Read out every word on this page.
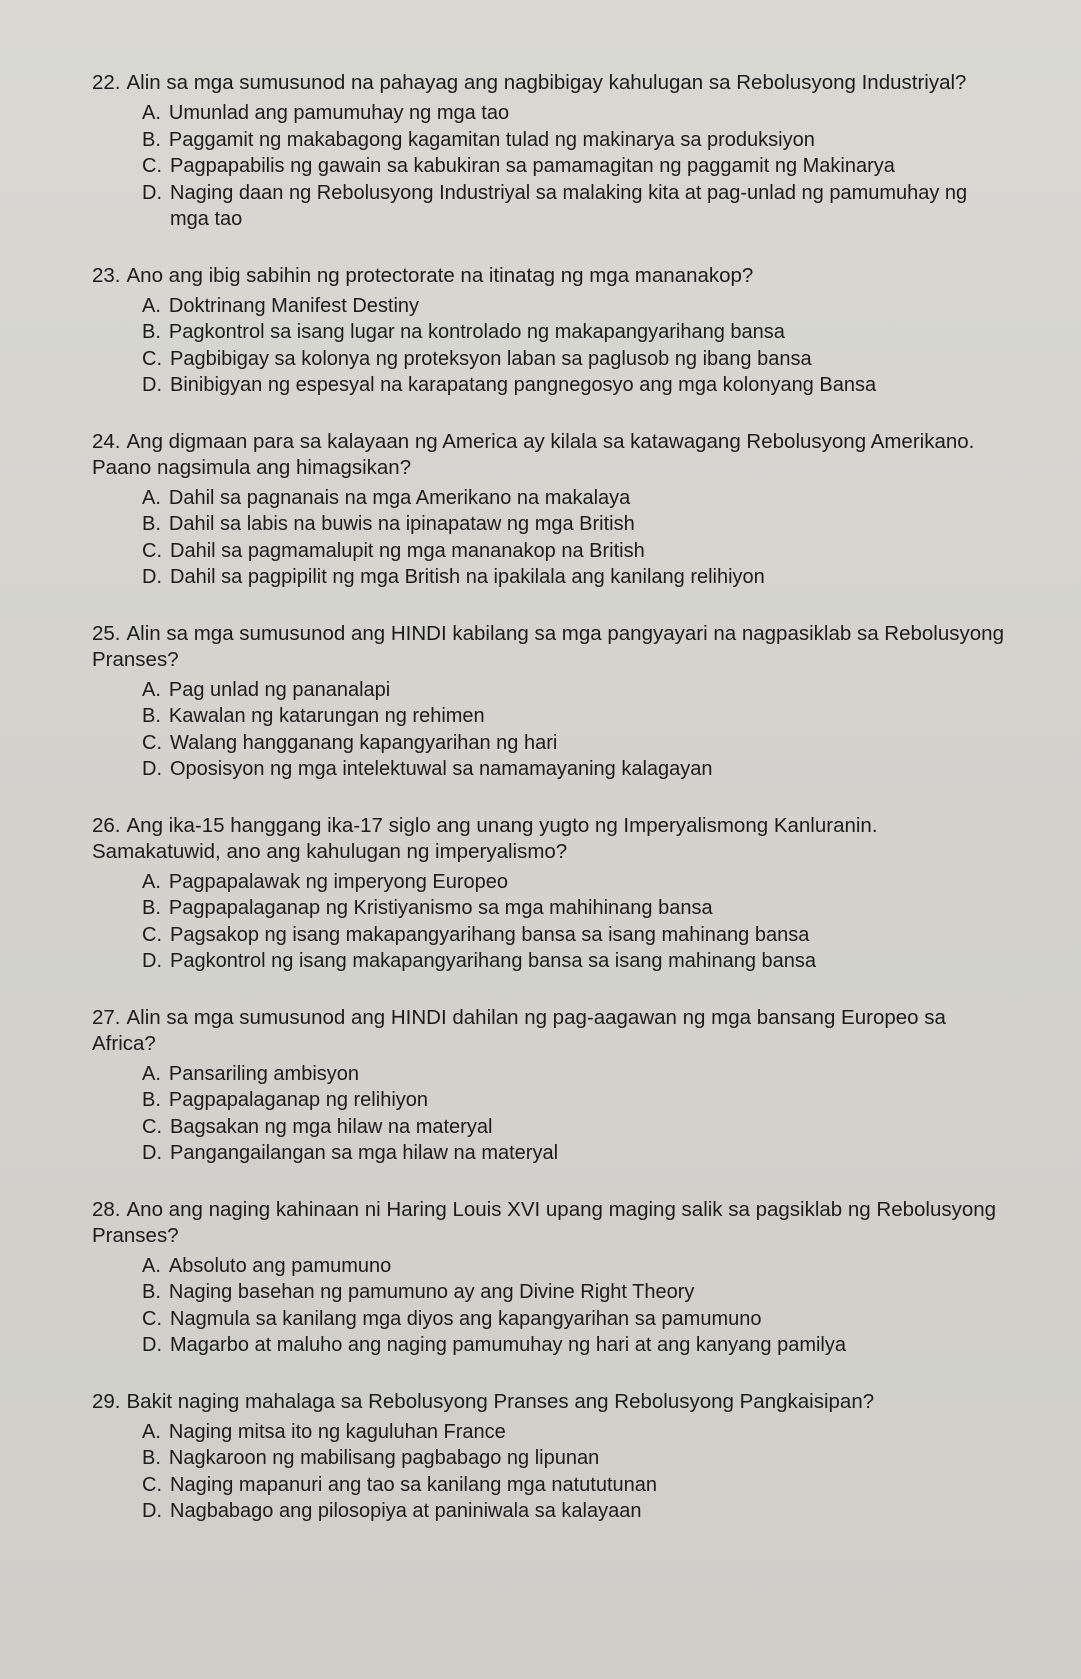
22. Alin sa mga sumusunod na pahayag ang nagbibigay kahulugan sa Rebolusyong Industriyal?
A. Umunlad ang pamumuhay ng mga tao
B. Paggamit ng makabagong kagamitan tulad ng makinarya sa produksiyon
C. Pagpapabilis ng gawain sa kabukiran sa pamamagitan ng paggamit ng Makinarya
D. Naging daan ng Rebolusyong Industriyal sa malaking kita at pag-unlad ng pamumuhay ng mga tao
23. Ano ang ibig sabihin ng protectorate na itinatag ng mga mananakop?
A. Doktrinang Manifest Destiny
B. Pagkontrol sa isang lugar na kontrolado ng makapangyarihang bansa
C. Pagbibigay sa kolonya ng proteksyon laban sa paglusob ng ibang bansa
D. Binibigyan ng espesyal na karapatang pangnegosyo ang mga kolonyang Bansa
24. Ang digmaan para sa kalayaan ng America ay kilala sa katawagang Rebolusyong Amerikano. Paano nagsimula ang himagsikan?
A. Dahil sa pagnanais na mga Amerikano na makalaya
B. Dahil sa labis na buwis na ipinapataw ng mga British
C. Dahil sa pagmamalupit ng mga mananakop na British
D. Dahil sa pagpipilit ng mga British na ipakilala ang kanilang relihiyon
25. Alin sa mga sumusunod ang HINDI kabilang sa mga pangyayari na nagpasiklab sa Rebolusyong Pranses?
A. Pag unlad ng pananalapi
B. Kawalan ng katarungan ng rehimen
C. Walang hangganang kapangyarihan ng hari
D. Oposisyon ng mga intelektuwal sa namamayaning kalagayan
26. Ang ika-15 hanggang ika-17 siglo ang unang yugto ng Imperyalismong Kanluranin. Samakatuwid, ano ang kahulugan ng imperyalismo?
A. Pagpapalawak ng imperyong Europeo
B. Pagpapalaganap ng Kristiyanismo sa mga mahihinang bansa
C. Pagsakop ng isang makapangyarihang bansa sa isang mahinang bansa
D. Pagkontrol ng isang makapangyarihang bansa sa isang mahinang bansa
27. Alin sa mga sumusunod ang HINDI dahilan ng pag-aagawan ng mga bansang Europeo sa Africa?
A. Pansariling ambisyon
B. Pagpapalaganap ng relihiyon
C. Bagsakan ng mga hilaw na materyal
D. Pangangailangan sa mga hilaw na materyal
28. Ano ang naging kahinaan ni Haring Louis XVI upang maging salik sa pagsiklab ng Rebolusyong Pranses?
A. Absoluto ang pamumuno
B. Naging basehan ng pamumuno ay ang Divine Right Theory
C. Nagmula sa kanilang mga diyos ang kapangyarihan sa pamumuno
D. Magarbo at maluho ang naging pamumuhay ng hari at ang kanyang pamilya
29. Bakit naging mahalaga sa Rebolusyong Pranses ang Rebolusyong Pangkaisipan?
A. Naging mitsa ito ng kaguluhan France
B. Nagkaroon ng mabilisang pagbabago ng lipunan
C. Naging mapanuri ang tao sa kanilang mga natututunan
D. Nagbabago ang pilosopiya at paniniwala sa kalayaan
